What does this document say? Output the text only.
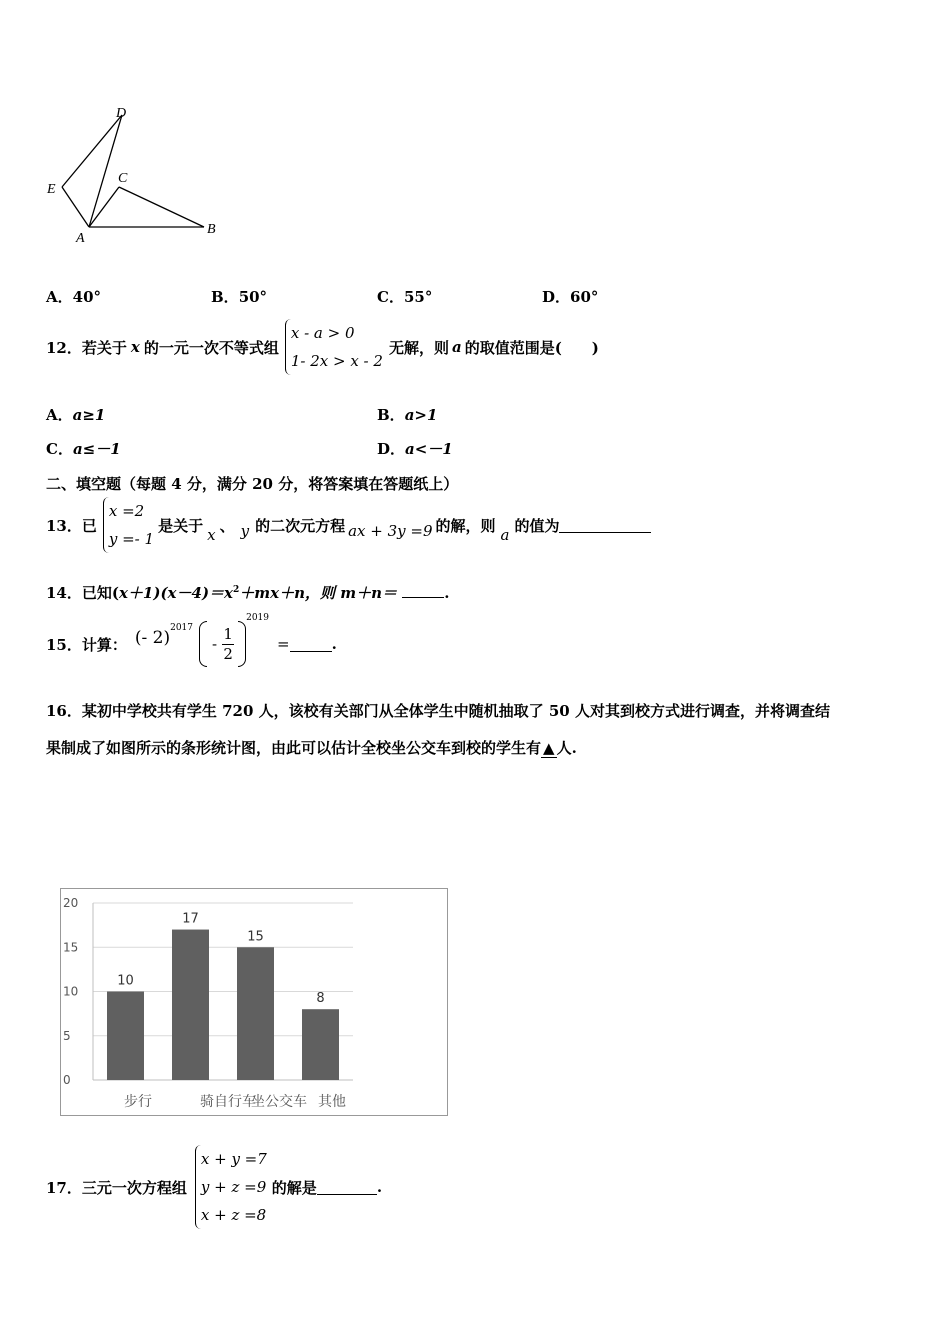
D
E
C
A
B
A．40°	B．50°	C．55°	D．60°
12．若关于 x 的一元一次不等式组
x - a > 0
1- 2x > x - 2
无解，则 a 的取值范围是(　　)
A．a≥1	B．a>1
C．a≤－1	D．a<－1
二、填空题（每题 4 分，满分 20 分，将答案填在答题纸上）
13．已
x =2
y =- 1
是关于
x
、 y 的二次元方程 ax + 3y =9 的解，则
a
的值为
14．已知$(x+1)(x-4)=x^2+mx+n$，则 m＋n＝	.
15．计算： (- 2) 2017
-
1
2
2019
=	.
16．某初中学校共有学生 720 人，该校有关部门从全体学生中随机抽取了 50 人对其到校方式进行调查，并将调查结
果制成了如图所示的条形统计图，由此可以估计全校坐公交车到校的学生有 ▲ 人.
0
5
10
15
20
10
17
15
8
步行	骑自行车
坐公交车 其他
17．三元一次方程组
x + y =7
y + z =9
x + z =8
的解是	.
